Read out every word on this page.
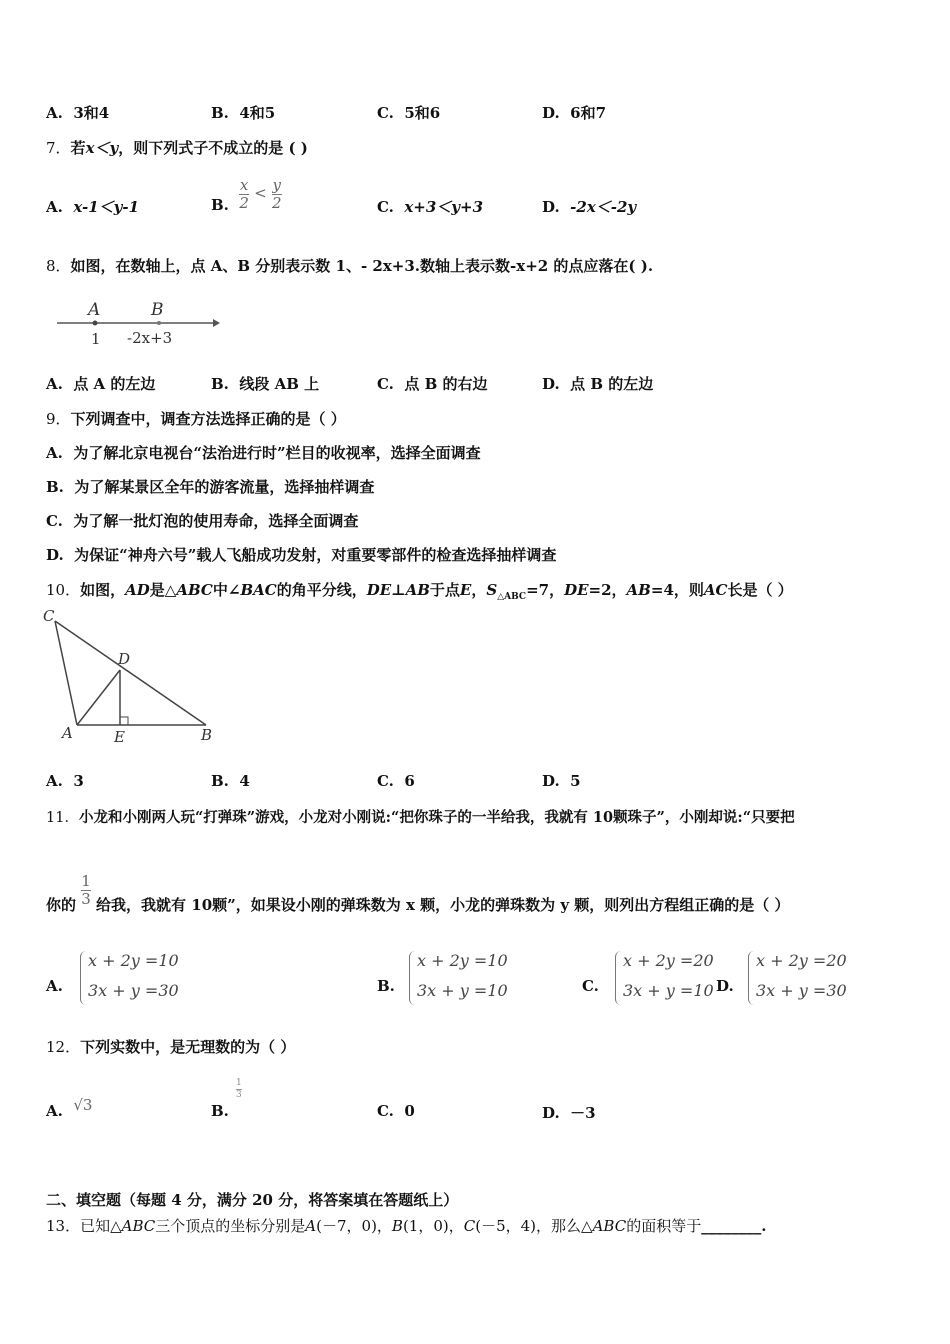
A. 3和4	B. 4和5	C. 5和6	D. 6和7
7．若x＜y，则下列式子不成立的是 ( )
A. x-1＜y-1	B. $\frac{x}{2} < \frac{y}{2}$	C. x+3＜y+3	D. -2x＜-2y
8．如图，在数轴上，点 A、B 分别表示数 1、- 2x+3.数轴上表示数-x+2 的点应落在( ).
A	B
1 -2x+3
A. 点 A 的左边	B. 线段 AB 上	C. 点 B 的右边	D. 点 B 的左边
9．下列调查中，调查方法选择正确的是（ ）
A. 为了解北京电视台“法治进行时”栏目的收视率，选择全面调查
B. 为了解某景区全年的游客流量，选择抽样调查
C. 为了解一批灯泡的使用寿命，选择全面调查
D. 为保证“神舟六号”载人飞船成功发射，对重要零部件的检查选择抽样调查
10．如图，AD是△ABC中∠BAC的角平分线，DE⊥AB于点E，$S_{\triangle ABC}=7$，DE=2，AB=4，则AC长是（ ）
C
D
A	E	B
A. 3	B. 4	C. 6	D. 5
11．小龙和小刚两人玩“打弹珠”游戏，小龙对小刚说:“把你珠子的一半给我，我就有 10颗珠子”，小刚却说:“只要把
你的 $\frac{1}{3}$ 给我，我就有 10颗”，如果设小刚的弹珠数为 x 颗，小龙的弹珠数为 y 颗，则列出方程组正确的是（ ）
A.
x + 2y =10
3x + y =30	B.
x + 2y =10
3x + y =10	C.
x + 2y =20
3x + y =10 D.
x + 2y =20
3x + y =30
12．下列实数中，是无理数的为（ ）
A. √3	B.
1
3
C. 0	D. －3
二、填空题（每题 4 分，满分 20 分，将答案填在答题纸上）
13．已知△ABC三个顶点的坐标分别是A(－7，0)，B(1，0)，C(－5，4)，那么△ABC的面积等于________.
